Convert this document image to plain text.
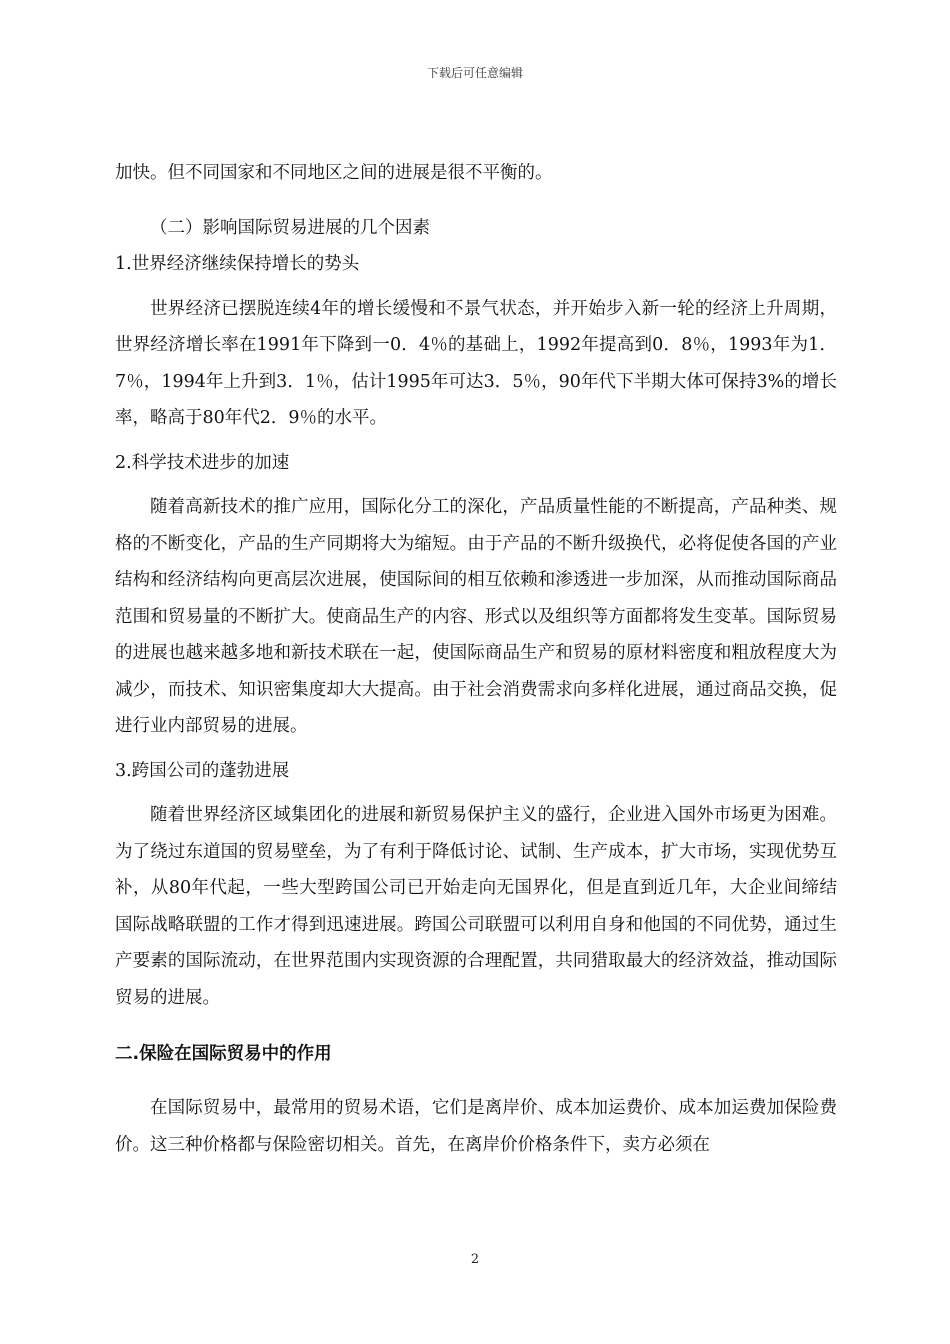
下载后可任意编辑

加快。但不同国家和不同地区之间的进展是很不平衡的。

（二）影响国际贸易进展的几个因素

1.世界经济继续保持增长的势头

世界经济已摆脱连续4年的增长缓慢和不景气状态，并开始步入新一轮的经济上升周期，世界经济增长率在1991年下降到一0．4％的基础上，1992年提高到0．8％，1993年为1．7％，1994年上升到3．1％，估计1995年可达3．5％，90年代下半期大体可保持3%的增长率，略高于80年代2．9％的水平。

2.科学技术进步的加速

随着高新技术的推广应用，国际化分工的深化，产品质量性能的不断提高，产品种类、规格的不断变化，产品的生产同期将大为缩短。由于产品的不断升级换代，必将促使各国的产业结构和经济结构向更高层次进展，使国际间的相互依赖和渗透进一步加深，从而推动国际商品范围和贸易量的不断扩大。使商品生产的内容、形式以及组织等方面都将发生变革。国际贸易的进展也越来越多地和新技术联在一起，使国际商品生产和贸易的原材料密度和粗放程度大为减少，而技术、知识密集度却大大提高。由于社会消费需求向多样化进展，通过商品交换，促进行业内部贸易的进展。

3.跨国公司的蓬勃进展

随着世界经济区域集团化的进展和新贸易保护主义的盛行，企业进入国外市场更为困难。为了绕过东道国的贸易壁垒，为了有利于降低讨论、试制、生产成本，扩大市场，实现优势互补，从80年代起，一些大型跨国公司已开始走向无国界化，但是直到近几年，大企业间缔结国际战略联盟的工作才得到迅速进展。跨国公司联盟可以利用自身和他国的不同优势，通过生产要素的国际流动，在世界范围内实现资源的合理配置，共同猎取最大的经济效益，推动国际贸易的进展。

二.保险在国际贸易中的作用

在国际贸易中，最常用的贸易术语，它们是离岸价、成本加运费价、成本加运费加保险费价。这三种价格都与保险密切相关。首先，在离岸价价格条件下，卖方必须在

2
